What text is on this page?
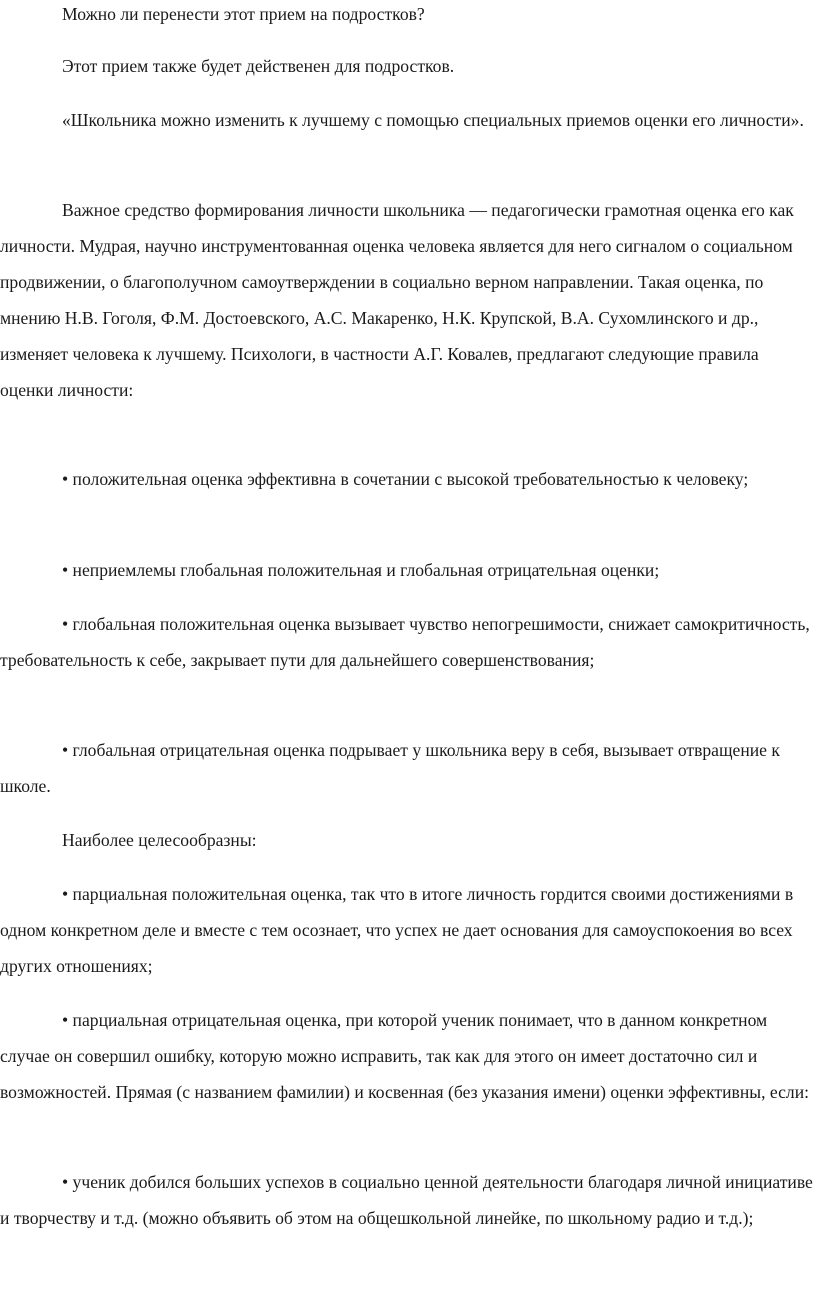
Можно ли перенести этот прием на подростков?

Этот прием также будет действенен для подростков.

«Школьника можно изменить к лучшему с помощью специальных приемов оценки его личности».

Важное средство формирования личности школьника — педагогически грамотная оценка его как личности. Мудрая, научно инструментованная оценка человека является для него сигналом о социальном продвижении, о благополучном самоутверждении в социально верном направлении. Такая оценка, по мнению Н.В. Гоголя, Ф.М. Достоевского, А.С. Макаренко, Н.К. Крупской, В.А. Сухомлинского и др., изменяет человека к лучшему. Психологи, в частности А.Г. Ковалев, предлагают следующие правила оценки личности:

• положительная оценка эффективна в сочетании с высокой требовательностью к человеку;

• неприемлемы глобальная положительная и глобальная отрицательная оценки;

• глобальная положительная оценка вызывает чувство непогрешимости, снижает самокритичность, требовательность к себе, закрывает пути для дальнейшего совершенствования;

• глобальная отрицательная оценка подрывает у школьника веру в себя, вызывает отвращение к школе.

Наиболее целесообразны:

• парциальная положительная оценка, так что в итоге личность гордится своими достижениями в одном конкретном деле и вместе с тем осознает, что успех не дает основания для самоуспокоения во всех других отношениях;

• парциальная отрицательная оценка, при которой ученик понимает, что в данном конкретном случае он совершил ошибку, которую можно исправить, так как для этого он имеет достаточно сил и возможностей. Прямая (с названием фамилии) и косвенная (без указания имени) оценки эффективны, если:

• ученик добился больших успехов в социально ценной деятельности благодаря личной инициативе и творчеству и т.д. (можно объявить об этом на общешкольной линейке, по школьному радио и т.д.);
